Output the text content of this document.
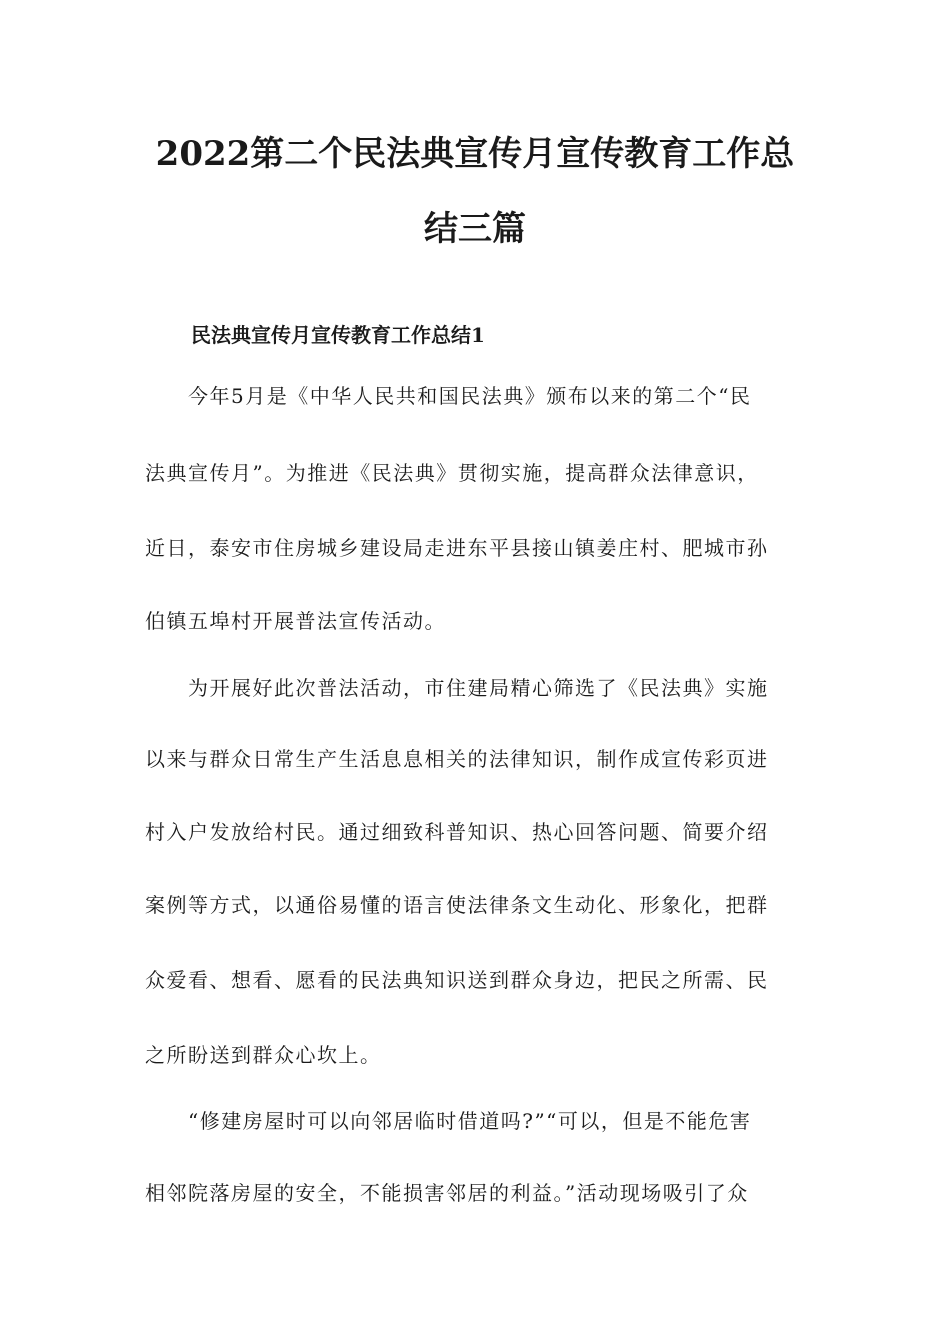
2022第二个民法典宣传月宣传教育工作总
结三篇
民法典宣传月宣传教育工作总结1
　　今年5月是《中华人民共和国民法典》颁布以来的第二个“民
法典宣传月”。为推进《民法典》贯彻实施，提高群众法律意识，
近日，泰安市住房城乡建设局走进东平县接山镇姜庄村、肥城市孙
伯镇五埠村开展普法宣传活动。
　　为开展好此次普法活动，市住建局精心筛选了《民法典》实施
以来与群众日常生产生活息息相关的法律知识，制作成宣传彩页进
村入户发放给村民。通过细致科普知识、热心回答问题、简要介绍
案例等方式，以通俗易懂的语言使法律条文生动化、形象化，把群
众爱看、想看、愿看的民法典知识送到群众身边，把民之所需、民
之所盼送到群众心坎上。
　　“修建房屋时可以向邻居临时借道吗?”“可以，但是不能危害
相邻院落房屋的安全，不能损害邻居的利益。”活动现场吸引了众
